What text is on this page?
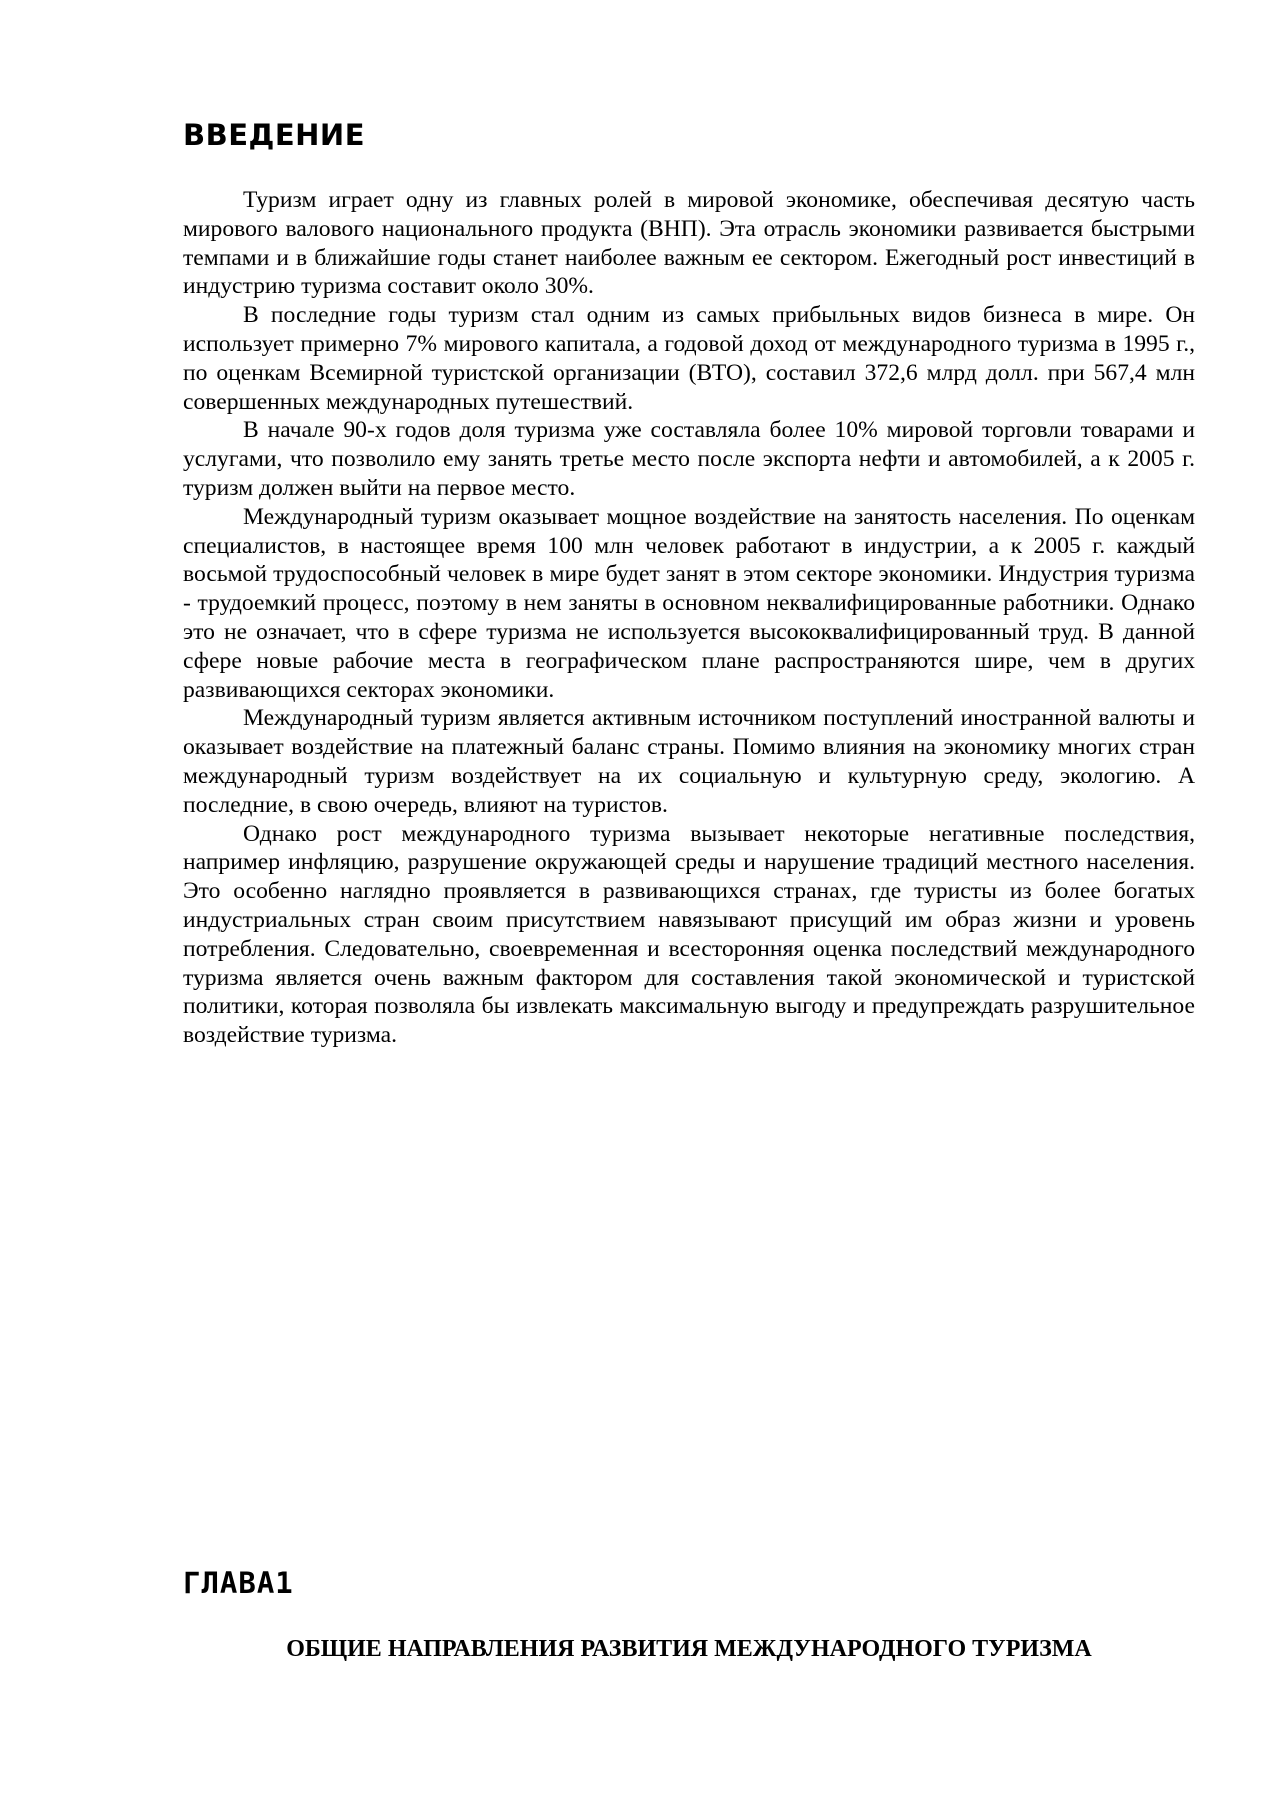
ВВЕДЕНИЕ

Туризм играет одну из главных ролей в мировой экономике, обеспечивая десятую часть мирового валового национального продукта (ВНП). Эта отрасль экономики развивается быстрыми темпами и в ближайшие годы станет наиболее важным ее сектором. Ежегодный рост инвестиций в индустрию туризма составит около 30%.

В последние годы туризм стал одним из самых прибыльных видов бизнеса в мире. Он использует примерно 7% мирового капитала, а годовой доход от международного туризма в 1995 г., по оценкам Всемирной туристской организации (ВТО), составил 372,6 млрд долл. при 567,4 млн совершенных международных путешествий.

В начале 90-х годов доля туризма уже составляла более 10% мировой торговли товарами и услугами, что позволило ему занять третье место после экспорта нефти и автомобилей, а к 2005 г. туризм должен выйти на первое место.

Международный туризм оказывает мощное воздействие на занятость населения. По оценкам специалистов, в настоящее время 100 млн человек работают в индустрии, а к 2005 г. каждый восьмой трудоспособный человек в мире будет занят в этом секторе экономики. Индустрия туризма - трудоемкий процесс, поэтому в нем заняты в основном неквалифицированные работники. Однако это не означает, что в сфере туризма не используется высококвалифицированный труд. В данной сфере новые рабочие места в географическом плане распространяются шире, чем в других развивающихся секторах экономики.

Международный туризм является активным источником поступлений иностранной валюты и оказывает воздействие на платежный баланс страны. Помимо влияния на экономику многих стран международный туризм воздействует на их социальную и культурную среду, экологию. А последние, в свою очередь, влияют на туристов.

Однако рост международного туризма вызывает некоторые негативные последствия, например инфляцию, разрушение окружающей среды и нарушение традиций местного населения. Это особенно наглядно проявляется в развивающихся странах, где туристы из более богатых индустриальных стран своим присутствием навязывают присущий им образ жизни и уровень потребления. Следовательно, своевременная и всесторонняя оценка последствий международного туризма является очень важным фактором для составления такой экономической и туристской политики, которая позволяла бы извлекать максимальную выгоду и предупреждать разрушительное воздействие туризма.

ГЛАВА1
ОБЩИЕ НАПРАВЛЕНИЯ РАЗВИТИЯ МЕЖДУНАРОДНОГО ТУРИЗМА
